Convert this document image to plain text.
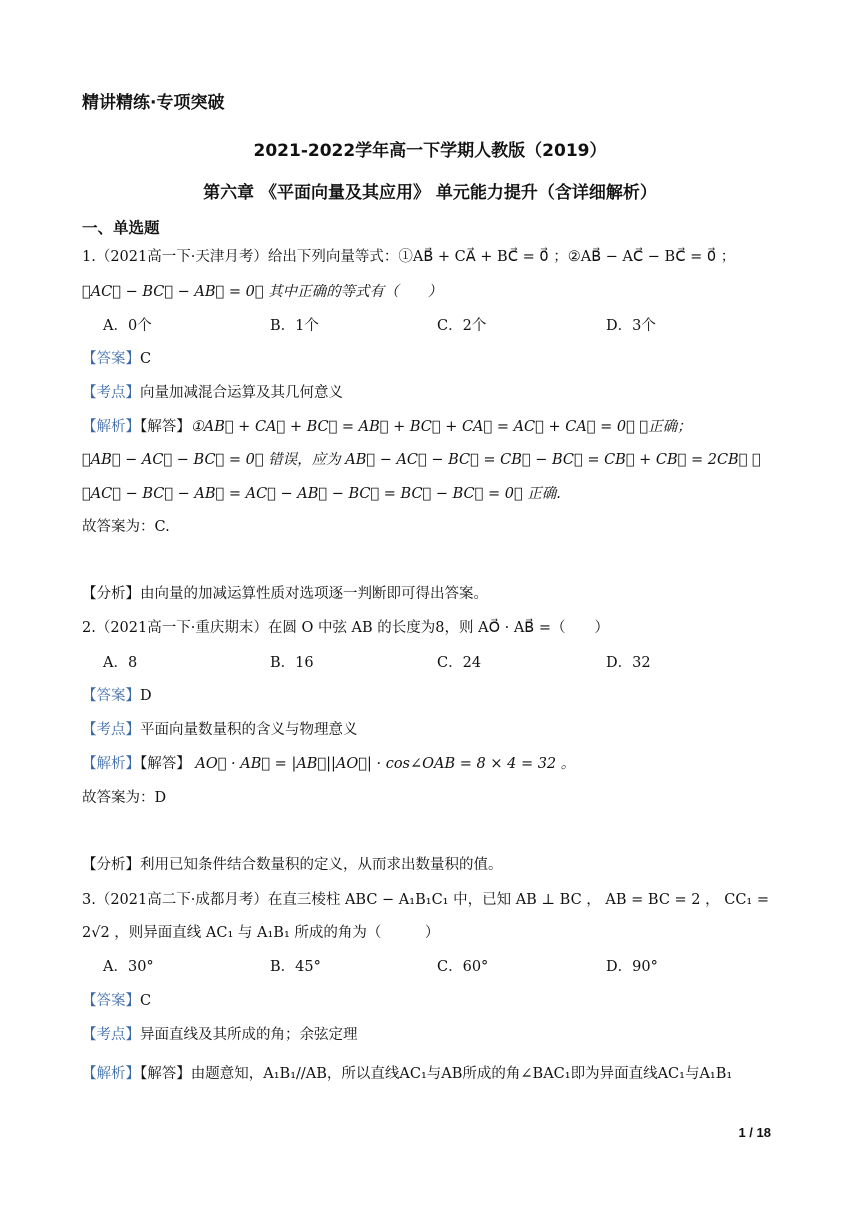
精讲精练·专项突破
2021-2022学年高一下学期人教版（2019）
第六章 《平面向量及其应用》 单元能力提升（含详细解析）
一、单选题
1.（2021高一下·天津月考）给出下列向量等式：①AB⃗ + CA⃗ + BC⃗ = 0⃗ ；②AB⃗ − AC⃗ − BC⃗ = 0⃗ ；
③AC⃗ − BC⃗ − AB⃗ = 0⃗ 其中正确的等式有（　　）
A．0个	B．1个	C．2个	D．3个
【答案】C
【考点】向量加减混合运算及其几何意义
【解析】【解答】①AB⃗ + CA⃗ + BC⃗ = AB⃗ + BC⃗ + CA⃗ = AC⃗ + CA⃗ = 0⃗ ，正确；
②AB⃗ − AC⃗ − BC⃗ = 0⃗ 错误，应为 AB⃗ − AC⃗ − BC⃗ = CB⃗ − BC⃗ = CB⃗ + CB⃗ = 2CB⃗ ；
③AC⃗ − BC⃗ − AB⃗ = AC⃗ − AB⃗ − BC⃗ = BC⃗ − BC⃗ = 0⃗ 正确.
故答案为：C.
【分析】由向量的加减运算性质对选项逐一判断即可得出答案。
2.（2021高一下·重庆期末）在圆 O 中弦 AB 的长度为8，则 AO⃗ · AB⃗ =（　　）
A．8	B．16	C．24	D．32
【答案】D
【考点】平面向量数量积的含义与物理意义
【解析】【解答】 AO⃗ · AB⃗ = |AB⃗||AO⃗| · cos∠OAB = 8 × 4 = 32 。
故答案为：D
【分析】利用已知条件结合数量积的定义，从而求出数量积的值。
3.（2021高二下·成都月考）在直三棱柱 ABC − A₁B₁C₁ 中，已知 AB ⊥ BC ， AB = BC = 2 ， CC₁ =
2√2 ，则异面直线 AC₁ 与 A₁B₁ 所成的角为（　　　）
A．30°	B．45°	C．60°	D．90°
【答案】C
【考点】异面直线及其所成的角；余弦定理
【解析】【解答】由题意知，A₁B₁//AB，所以直线AC₁与AB所成的角∠BAC₁即为异面直线AC₁与A₁B₁
1 / 18
